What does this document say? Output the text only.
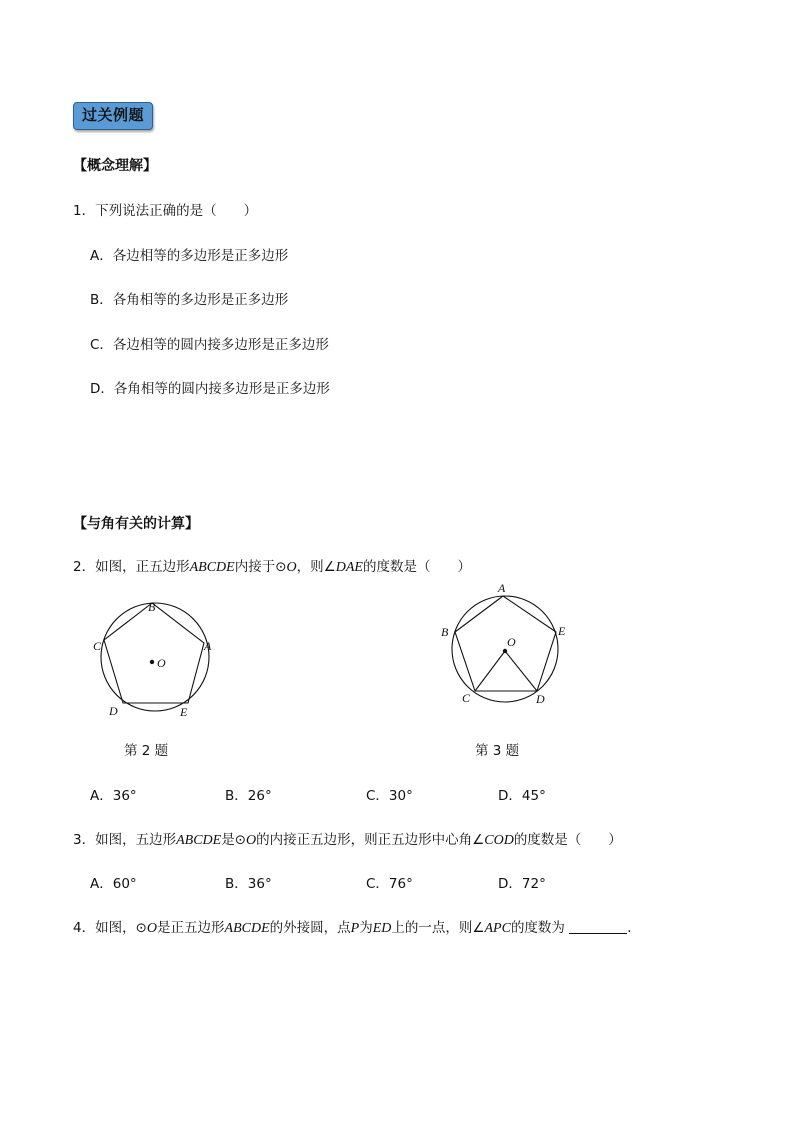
过关例题
【概念理解】
1．下列说法正确的是（　　）
A．各边相等的多边形是正多边形
B．各角相等的多边形是正多边形
C．各边相等的圆内接多边形是正多边形
D．各角相等的圆内接多边形是正多边形
【与角有关的计算】
2．如图，正五边形ABCDE内接于⊙O，则∠DAE的度数是（　　）
B
C	A
O
D	E
第 2 题
A
B	E
O
C	D
第 3 题
A．36°	B．26°	C．30°	D．45°
3．如图，五边形ABCDE是⊙O的内接正五边形，则正五边形中心角∠COD的度数是（　　）
A．60°	B．36°	C．76°	D．72°
4．如图，⊙O是正五边形ABCDE的外接圆，点P为ED上的一点，则∠APC的度数为	．
